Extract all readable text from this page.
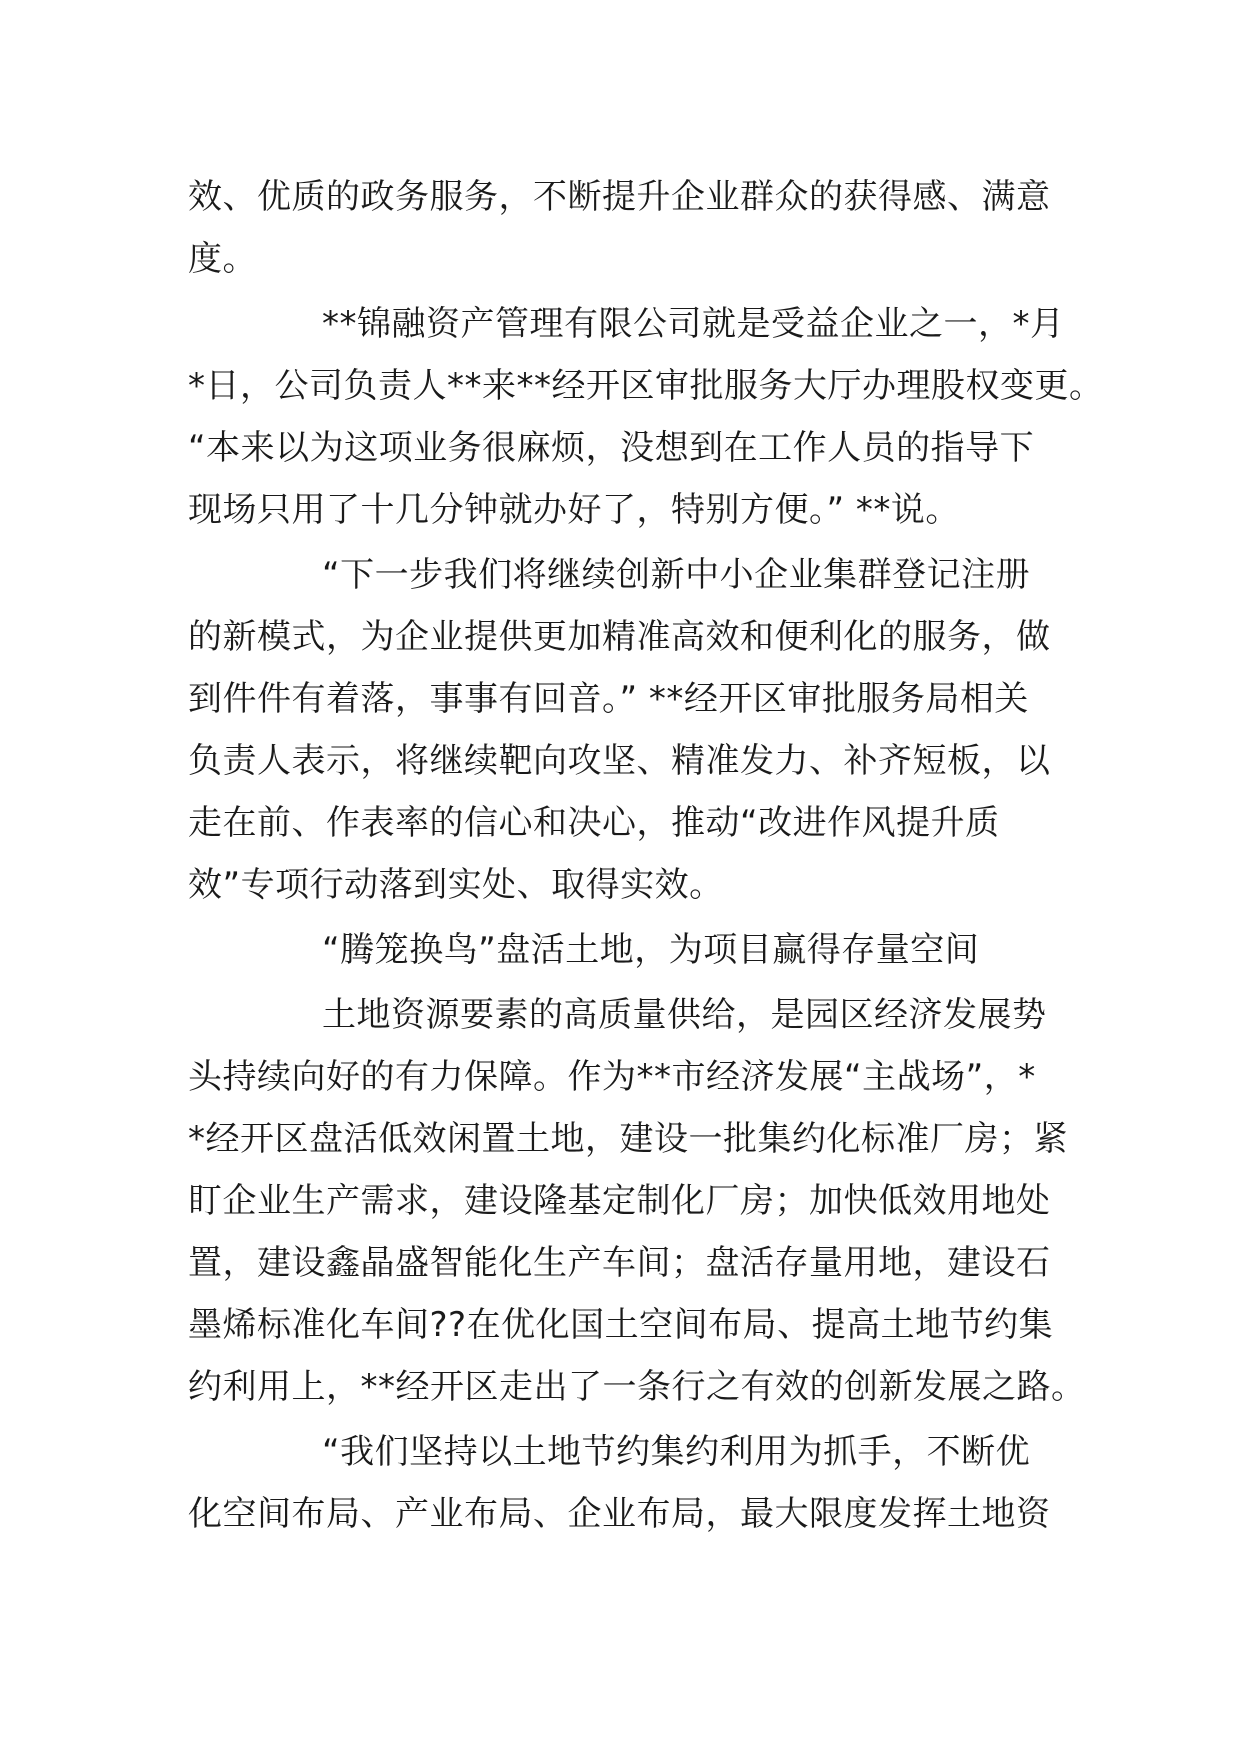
效、优质的政务服务，不断提升企业群众的获得感、满意
度。
**锦融资产管理有限公司就是受益企业之一，*月
*日，公司负责人**来**经开区审批服务大厅办理股权变更。
“本来以为这项业务很麻烦，没想到在工作人员的指导下
现场只用了十几分钟就办好了，特别方便。” **说。
“下一步我们将继续创新中小企业集群登记注册
的新模式，为企业提供更加精准高效和便利化的服务，做
到件件有着落，事事有回音。” **经开区审批服务局相关
负责人表示，将继续靶向攻坚、精准发力、补齐短板，以
走在前、作表率的信心和决心，推动“改进作风提升质
效”专项行动落到实处、取得实效。
“腾笼换鸟”盘活土地，为项目赢得存量空间
土地资源要素的高质量供给，是园区经济发展势
头持续向好的有力保障。作为**市经济发展“主战场”，*
*经开区盘活低效闲置土地，建设一批集约化标准厂房；紧
盯企业生产需求，建设隆基定制化厂房；加快低效用地处
置，建设鑫晶盛智能化生产车间；盘活存量用地，建设石
墨烯标准化车间??在优化国土空间布局、提高土地节约集
约利用上，**经开区走出了一条行之有效的创新发展之路。
“我们坚持以土地节约集约利用为抓手，不断优
化空间布局、产业布局、企业布局，最大限度发挥土地资
